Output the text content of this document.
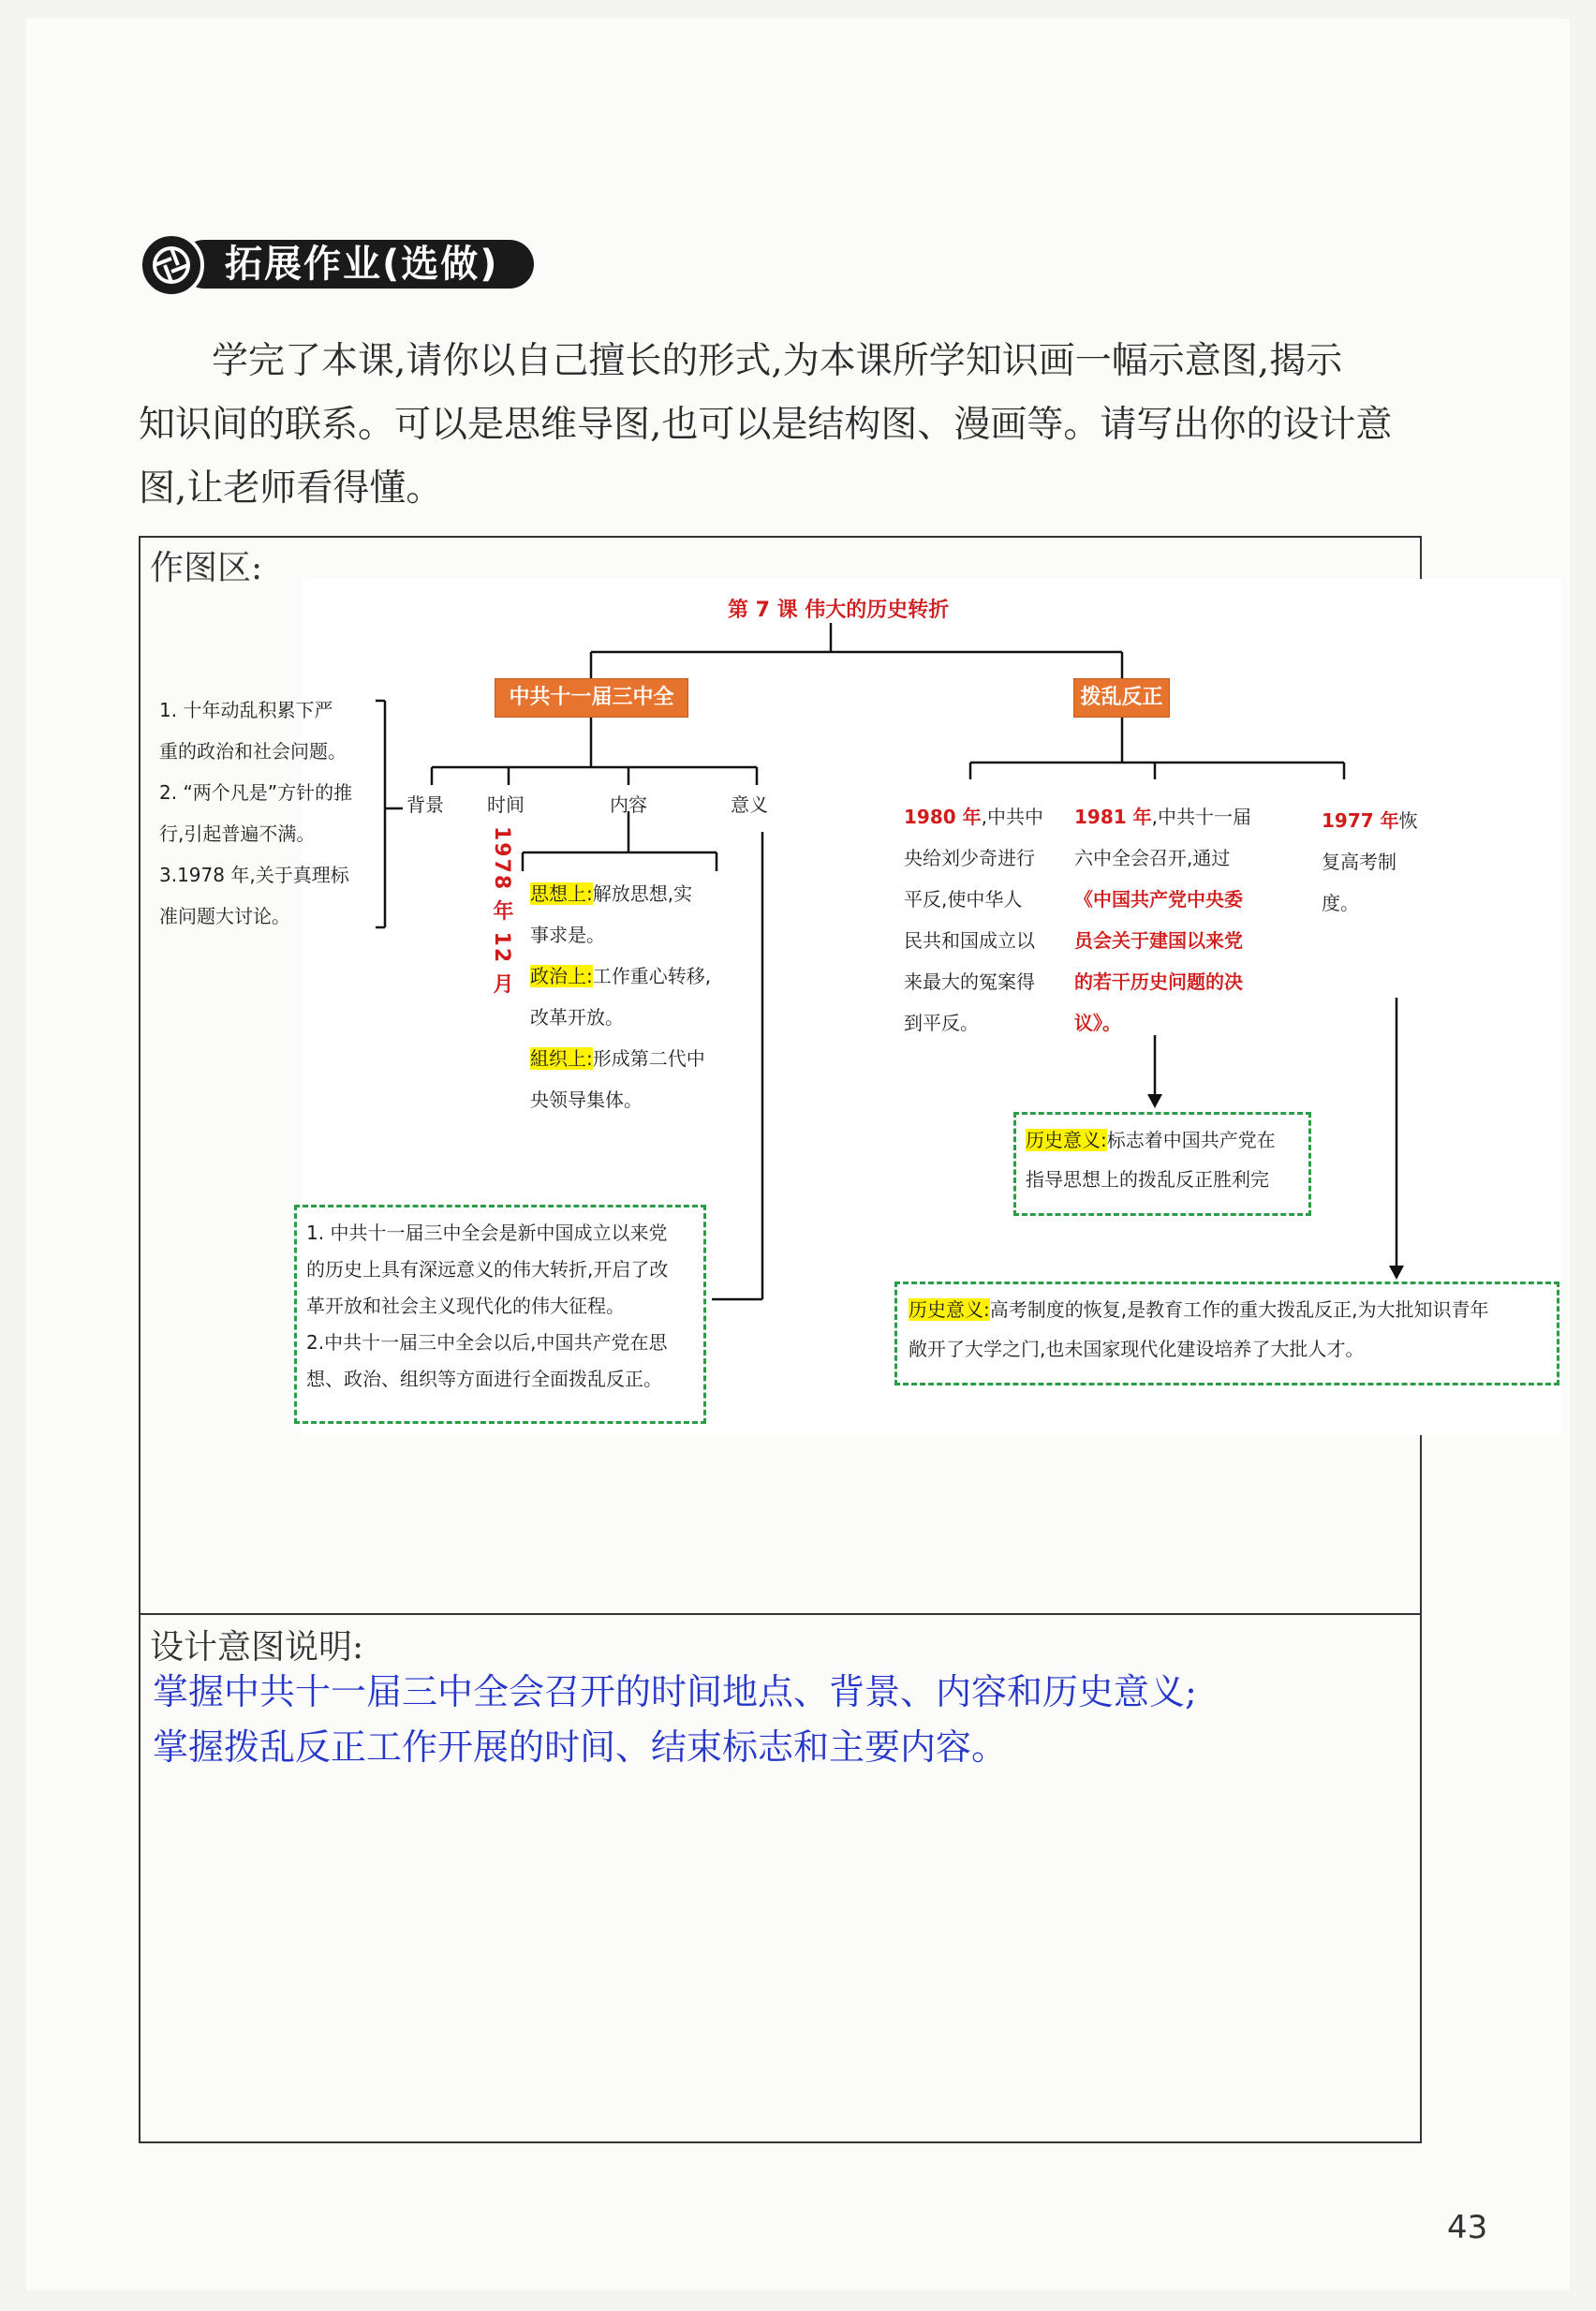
拓展作业(选做)

学完了本课,请你以自己擅长的形式,为本课所学知识画一幅示意图,揭示

知识间的联系。可以是思维导图,也可以是结构图、漫画等。请写出你的设计意
图,让老师看得懂。
作图区:
第 7 课 伟大的历史转折
中共十一届三中全	拨乱反正
背景 时间	内容	意义
1. 十年动乱积累下严
重的政治和社会问题。
2. “两个凡是”方针的推
行,引起普遍不满。
3.1978 年,关于真理标
准问题大讨论。	1978 年 12 月 思想上:解放思想,实
事求是。
政治上:工作重心转移,
改革开放。
組织上:形成第二代中
央领导集体。
1. 中共十一届三中全会是新中国成立以来党
的历史上具有深远意义的伟大转折,开启了改
革开放和社会主义现代化的伟大征程。
2.中共十一届三中全会以后,中国共产党在思
想、政治、组织等方面进行全面拨乱反正。
1980 年,中共中
央给刘少奇进行
平反,使中华人
民共和国成立以
来最大的冤案得
到平反。
1981 年,中共十一届
六中全会召开,通过
《中国共产党中央委
员会关于建国以来党
的若干历史问题的决
议》。
1977 年恢
复高考制
度。
历史意义:标志着中国共产党在
指导思想上的拨乱反正胜利完
历史意义:高考制度的恢复,是教育工作的重大拨乱反正,为大批知识青年
敞开了大学之门,也未国家现代化建设培养了大批人才。
设计意图说明:
掌握中共十一届三中全会召开的时间地点、背景、内容和历史意义;
掌握拨乱反正工作开展的时间、结束标志和主要内容。
43
